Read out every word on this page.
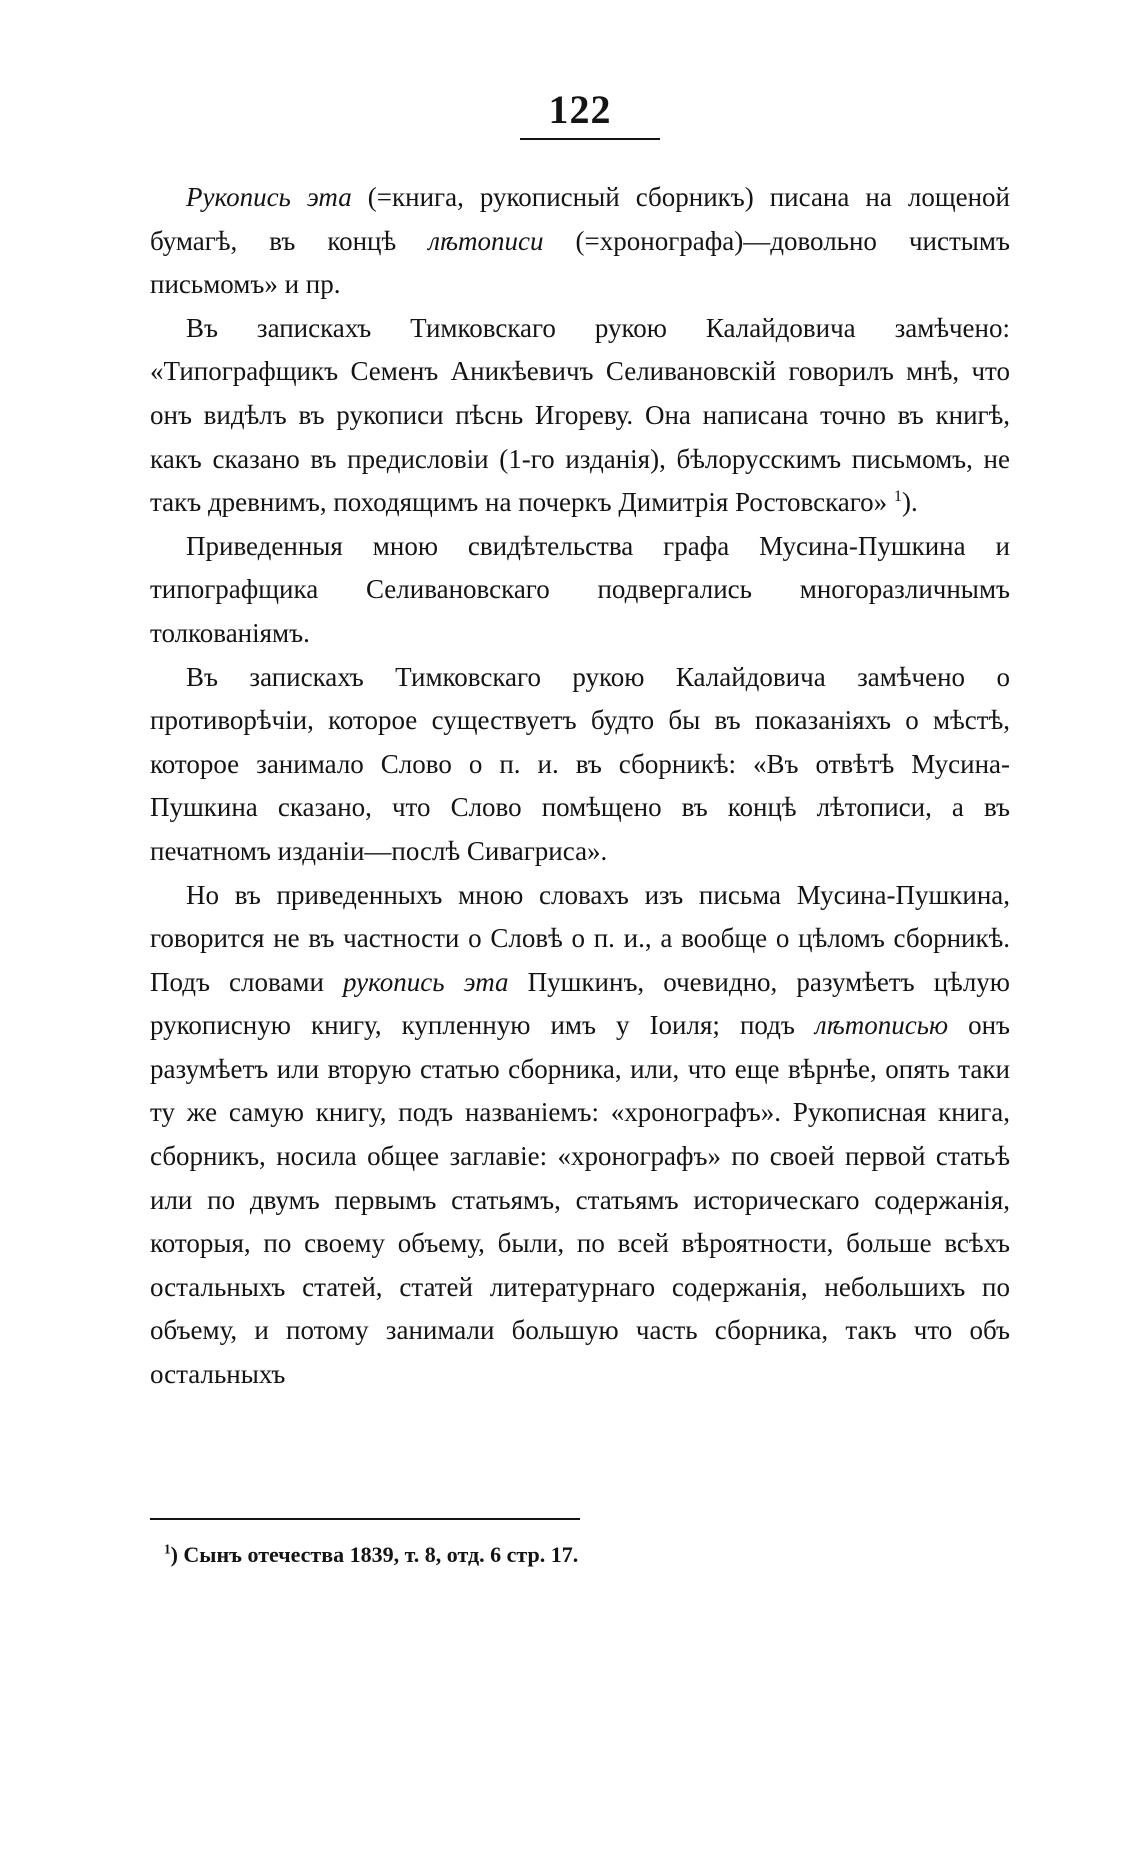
122

Рукопись эта (=книга, рукописный сборникъ) писана на лощеной бумагѣ, въ концѣ лѣтописи (=хронографа)—довольно чистымъ письмомъ» и пр.

Въ запискахъ Тимковскаго рукою Калайдовича замѣчено: «Типографщикъ Семенъ Аникѣевичъ Селивановскій говорилъ мнѣ, что онъ видѣлъ въ рукописи пѣснь Игореву. Она написана точно въ книгѣ, какъ сказано въ предисловіи (1-го изданія), бѣлорусскимъ письмомъ, не такъ древнимъ, походящимъ на почеркъ Димитрія Ростовскаго» $^1$).

Приведенныя мною свидѣтельства графа Мусина-Пушкина и типографщика Селивановскаго подвергались многоразличнымъ толкованіямъ.

Въ запискахъ Тимковскаго рукою Калайдовича замѣчено о противорѣчіи, которое существуетъ будто бы въ показаніяхъ о мѣстѣ, которое занимало Слово о п. и. въ сборникѣ: «Въ отвѣтѣ Мусина-Пушкина сказано, что Слово помѣщено въ концѣ лѣтописи, а въ печатномъ изданіи—послѣ Сивагриса».

Но въ приведенныхъ мною словахъ изъ письма Мусина-Пушкина, говорится не въ частности о Словѣ о п. и., а вообще о цѣломъ сборникѣ. Подъ словами рукопись эта Пушкинъ, очевидно, разумѣетъ цѣлую рукописную книгу, купленную имъ у Іоиля; подъ лѣтописью онъ разумѣетъ или вторую статью сборника, или, что еще вѣрнѣе, опять таки ту же самую книгу, подъ названіемъ: «хронографъ». Рукописная книга, сборникъ, носила общее заглавіе: «хронографъ» по своей первой статьѣ или по двумъ первымъ статьямъ, статьямъ историческаго содержанія, которыя, по своему объему, были, по всей вѣроятности, больше всѣхъ остальныхъ статей, статей литературнаго содержанія, небольшихъ по объему, и потому занимали большую часть сборника, такъ что объ остальныхъ

$^1$) Сынъ отечества 1839, т. 8, отд. 6 стр. 17.
